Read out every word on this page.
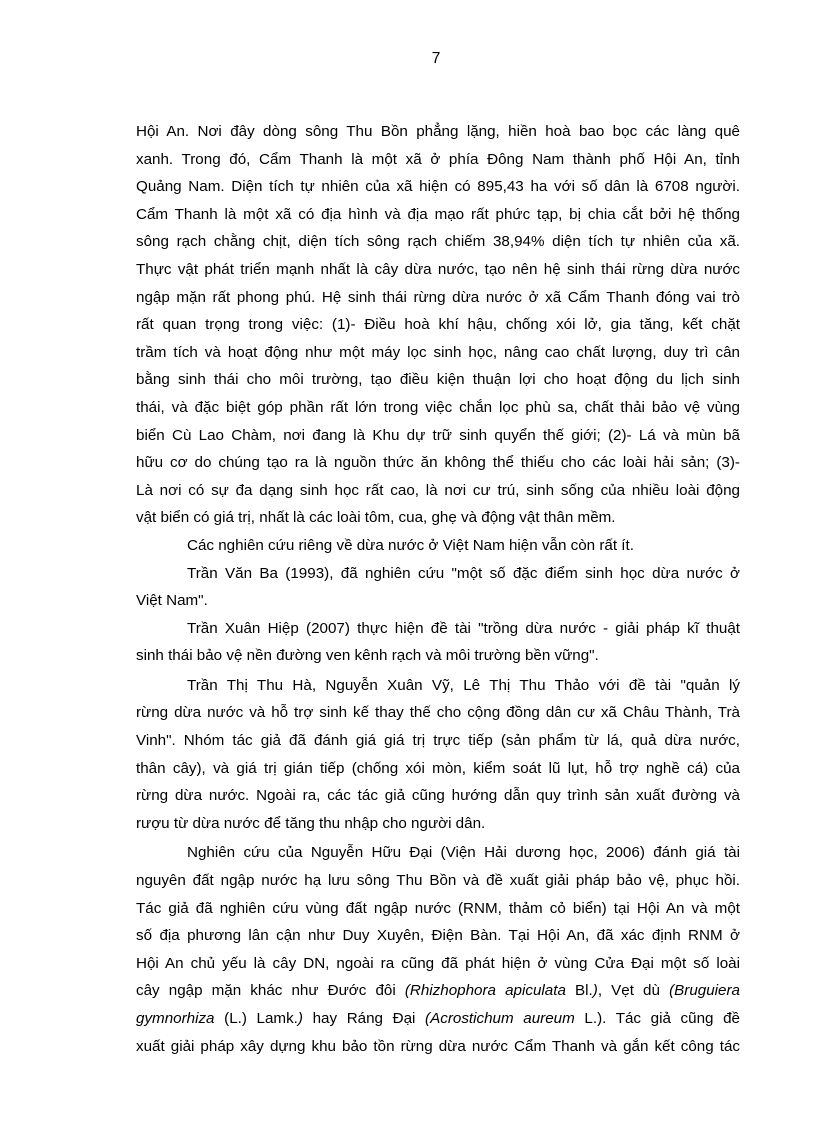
7
Hội An. Nơi đây dòng sông Thu Bồn phẳng lặng, hiền hoà bao bọc các làng quê
xanh. Trong đó, Cẩm Thanh là một xã ở phía Đông Nam thành phố Hội An, tỉnh
Quảng Nam. Diện tích tự nhiên của xã hiện có 895,43 ha với số dân là 6708 người.
Cẩm Thanh là một xã có địa hình và địa mạo rất phức tạp, bị chia cắt bởi hệ thống
sông rạch chằng chịt, diện tích sông rạch chiếm 38,94% diện tích tự nhiên của xã.
Thực vật phát triển mạnh nhất là cây dừa nước, tạo nên hệ sinh thái rừng dừa nước
ngập mặn rất phong phú. Hệ sinh thái rừng dừa nước ở xã Cẩm Thanh đóng vai trò
rất quan trọng trong việc: (1)- Điều hoà khí hậu, chống xói lở, gia tăng, kết chặt
trầm tích và hoạt động như một máy lọc sinh học, nâng cao chất lượng, duy trì cân
bằng sinh thái cho môi trường, tạo điều kiện thuận lợi cho hoạt động du lịch sinh
thái, và đặc biệt góp phần rất lớn trong việc chắn lọc phù sa, chất thải bảo vệ vùng
biển Cù Lao Chàm, nơi đang là Khu dự trữ sinh quyển thế giới; (2)- Lá và mùn bã
hữu cơ do chúng tạo ra là nguồn thức ăn không thể thiếu cho các loài hải sản; (3)-
Là nơi có sự đa dạng sinh học rất cao, là nơi cư trú, sinh sống của nhiều loài động
vật biển có giá trị, nhất là các loài tôm, cua, ghẹ và động vật thân mềm.
Các nghiên cứu riêng về dừa nước ở Việt Nam hiện vẫn còn rất ít.
Trần Văn Ba (1993), đã nghiên cứu "một số đặc điểm sinh học dừa nước ở
Việt Nam".
Trần Xuân Hiệp (2007) thực hiện đề tài "trồng dừa nước - giải pháp kĩ thuật
sinh thái bảo vệ nền đường ven kênh rạch và môi trường bền vững".
Trần Thị Thu Hà, Nguyễn Xuân Vỹ, Lê Thị Thu Thảo với đề tài "quản lý
rừng dừa nước và hỗ trợ sinh kế thay thế cho cộng đồng dân cư xã Châu Thành, Trà
Vinh". Nhóm tác giả đã đánh giá giá trị trực tiếp (sản phẩm từ lá, quả dừa nước,
thân cây), và giá trị gián tiếp (chống xói mòn, kiểm soát lũ lụt, hỗ trợ nghề cá) của
rừng dừa nước. Ngoài ra, các tác giả cũng hướng dẫn quy trình sản xuất đường và
rượu từ dừa nước để tăng thu nhập cho người dân.
Nghiên cứu của Nguyễn Hữu Đại (Viện Hải dương học, 2006) đánh giá tài
nguyên đất ngập nước hạ lưu sông Thu Bồn và đề xuất giải pháp bảo vệ, phục hồi.
Tác giả đã nghiên cứu vùng đất ngập nước (RNM, thảm cỏ biển) tại Hội An và một
số địa phương lân cận như Duy Xuyên, Điện Bàn. Tại Hội An, đã xác định RNM ở
Hội An chủ yếu là cây DN, ngoài ra cũng đã phát hiện ở vùng Cửa Đại một số loài
cây ngập mặn khác như Đước đôi (Rhizhophora apiculata Bl.), Vẹt dù (Bruguiera
gymnorhiza (L.) Lamk.) hay Ráng Đại (Acrostichum aureum L.). Tác giả cũng đề
xuất giải pháp xây dựng khu bảo tồn rừng dừa nước Cẩm Thanh và gắn kết công tác
